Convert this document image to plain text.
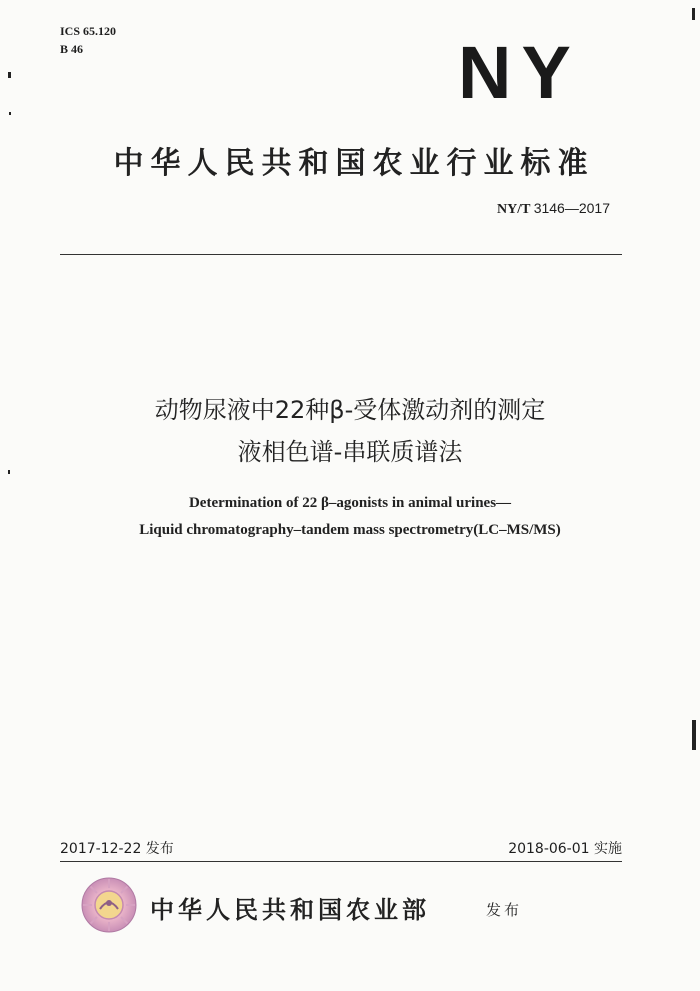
ICS 65.120
B 46	NY
中华人民共和国农业行业标准
NY/T 3146—2017
动物尿液中22种β-受体激动剂的测定
液相色谱-串联质谱法
Determination of 22 β–agonists in animal urines—
Liquid chromatography–tandem mass spectrometry(LC–MS/MS)
2017-12-22 发布	2018-06-01 实施
中华人民共和国农业部	发布
